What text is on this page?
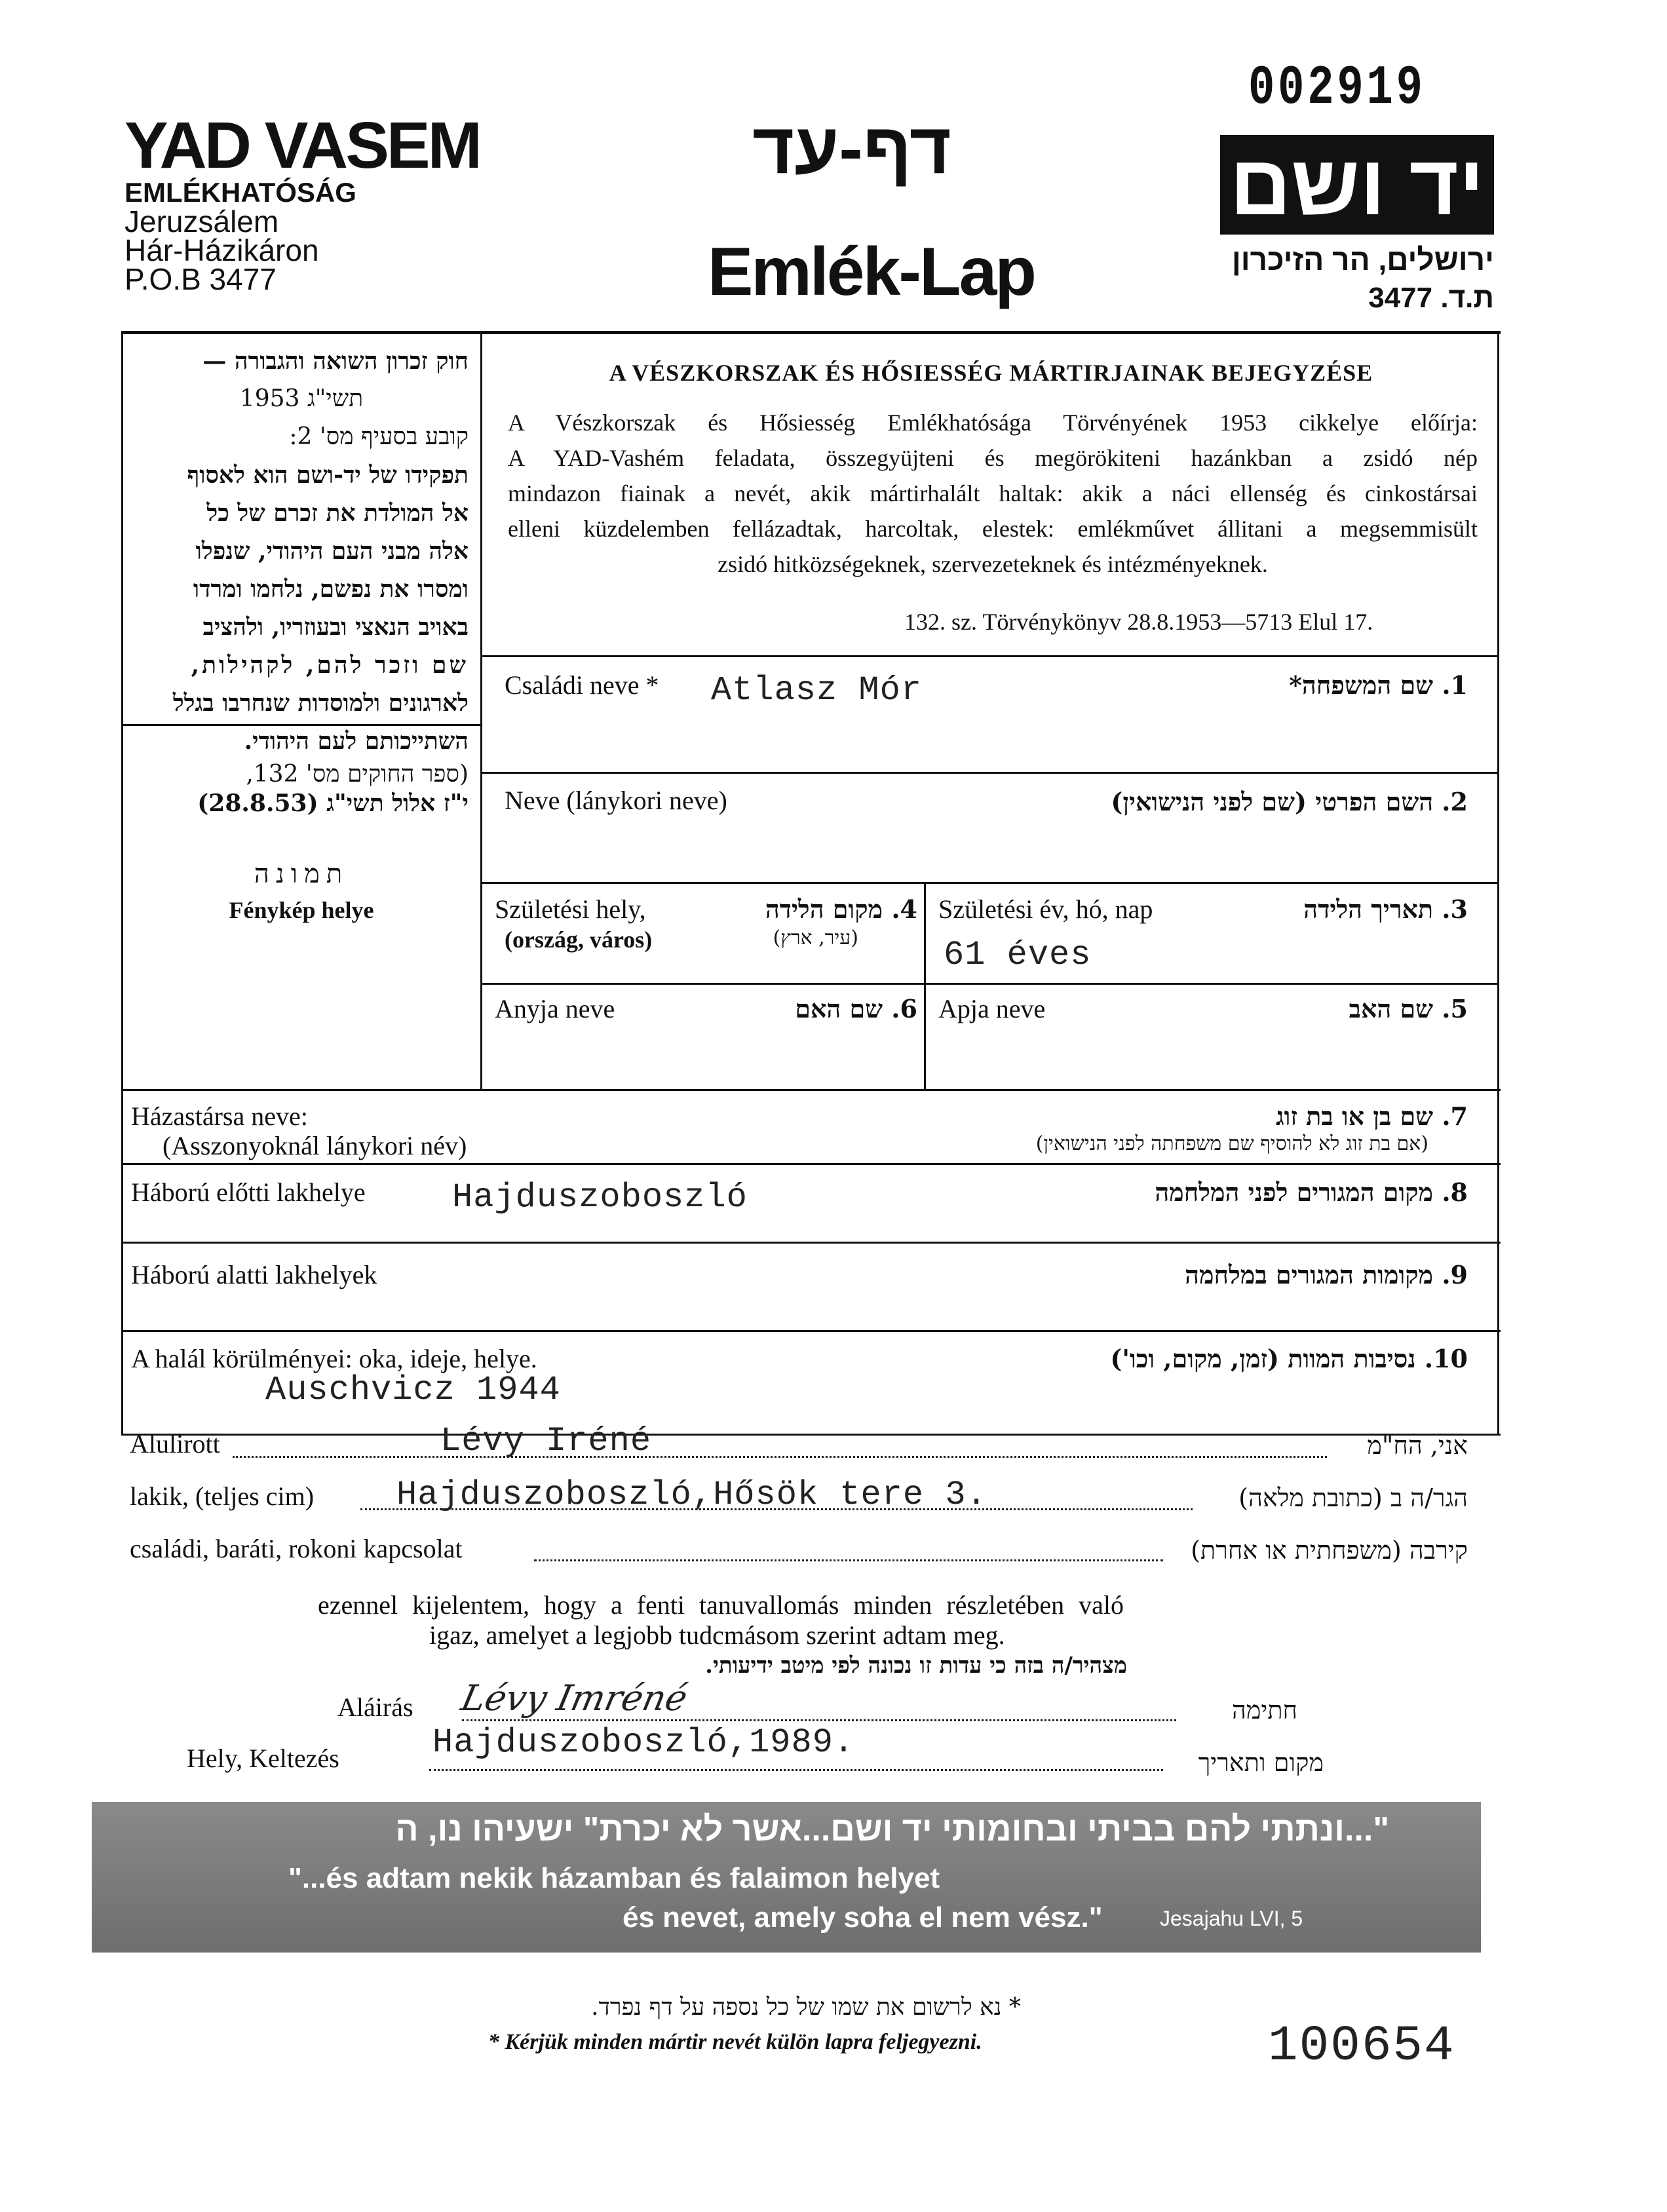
002919
YAD VASEM
EMLÉKHATÓSÁG
Jeruzsálem
Hár-Házikáron
P.O.B 3477
דף-עד
Emlék-Lap
יד ושם
ירושלים, הר הזיכרון
ת.ד. 3477
חוק זכרון השואה והגבורה —
תשי"ג 1953
קובע בסעיף מס' 2:
תפקידו של יד-ושם הוא לאסוף
אל המולדת את זכרם של כל
אלה מבני העם היהודי, שנפלו
ומסרו את נפשם, נלחמו ומרדו
באויב הנאצי ובעוזריו, ולהציב
שם וזכר להם, לקהילות,
לארגונים ולמוסדות שנחרבו בגלל
השתייכותם לעם היהודי.
(ספר החוקים מס' 132,
י"ז אלול תשי"ג (28.8.53)
תמונה
Fénykép helye
A VÉSZKORSZAK ÉS HŐSIESSÉG MÁRTIRJAINAK BEJEGYZÉSE
A Vészkorszak és Hősiesség Emlékhatósága Törvényének 1953 cikkelye előírja:
A YAD-Vashém feladata, összegyüjteni és megörökiteni hazánkban a zsidó nép
mindazon fiainak a nevét, akik mártirhalált haltak: akik a náci ellenség és cinkostársai
elleni küzdelemben fellázadtak, harcoltak, elestek: emlékművet állitani a megsemmisült
zsidó hitközségeknek, szervezeteknek és intézményeknek.
132. sz. Törvénykönyv 28.8.1953—5713 Elul 17.
Családi neve * Atlasz Mór	1. שם המשפחה*
Neve (lánykori neve)	2. השם הפרטי (שם לפני הנישואין)
Születési hely,
(ország, város)
4. מקום הלידה
(עיר, ארץ)
Születési év, hó, nap	3. תאריך הלידה
61 éves
Anyja neve	6. שם האם Apja neve	5. שם האב
Házastársa neve:
(Asszonyoknál lánykori név)
7. שם בן או בת זוג
(אם בת זוג לא להוסיף שם משפחתה לפני הנישואין)
Háború előtti lakhelye	Hajduszoboszló	8. מקום המגורים לפני המלחמה
Háború alatti lakhelyek	9. מקומות המגורים במלחמה
A halál körülményei: oka, ideje, helye.
Auschvicz 1944
10. נסיבות המוות (זמן, מקום, וכו')
Alulirott	Lévy Iréné	אני, הח"מ
lakik, (teljes cim) Hajduszoboszló,Hősök tere 3.	הגר/ה ב (כתובת מלאה)
családi, baráti, rokoni kapcsolat	קירבה (משפחתית או אחרת)
ezennel kijelentem, hogy a fenti tanuvallomás minden részletében való
igaz, amelyet a legjobb tudcmásom szerint adtam meg.
מצהיר/ה בזה כי עדות זו נכונה לפי מיטב ידיעותי.
Aláirás Lévy Imréné	חתימה
Hely, Keltezés	Hajduszoboszló,1989.
מקום ותאריך
"...ונתתי להם בביתי ובחומותי יד ושם...אשר לא יכרת" ישעיהו נו, ה
"...és adtam nekik házamban és falaimon helyet
és nevet, amely soha el nem vész."	Jesajahu LVI, 5
* נא לרשום את שמו של כל נספה על דף נפרד.
* Kérjük minden mártir nevét külön lapra feljegyezni.	100654
